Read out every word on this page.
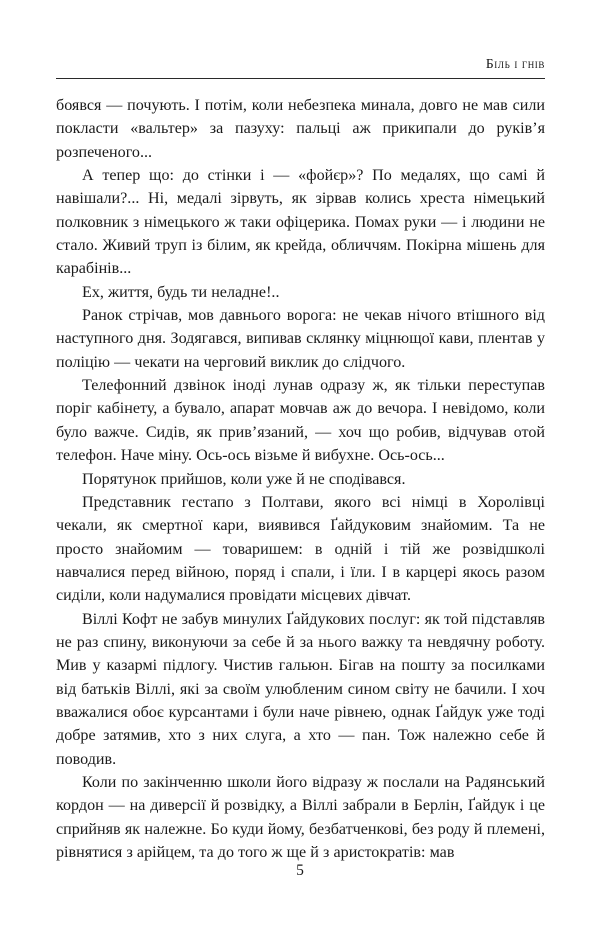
Біль і гнів

боявся — почують. І потім, коли небезпека минала, довго не мав сили покласти «вальтер» за пазуху: пальці аж прикипали до руків’я розпеченого...

А тепер що: до стінки і — «фойєр»? По медалях, що самі й навішали?... Ні, медалі зірвуть, як зірвав колись хреста німецький полковник з німецького ж таки офіцерика. Помах руки — і людини не стало. Живий труп із білим, як крейда, обличчям. Покірна мішень для карабінів...

Ех, життя, будь ти неладне!..

Ранок стрічав, мов давнього ворога: не чекав нічого втішного від наступного дня. Зодягався, випивав склянку міцнющої кави, плентав у поліцію — чекати на черговий виклик до слідчого.

Телефонний дзвінок іноді лунав одразу ж, як тільки переступав поріг кабінету, а бувало, апарат мовчав аж до вечора. І невідомо, коли було важче. Сидів, як прив’язаний, — хоч що робив, відчував отой телефон. Наче міну. Ось-ось візьме й вибухне. Ось-ось...

Порятунок прийшов, коли уже й не сподівався.

Представник гестапо з Полтави, якого всі німці в Хоролівці чекали, як смертної кари, виявився Ґайдуковим знайомим. Та не просто знайомим — товаришем: в одній і тій же розвідшколі навчалися перед війною, поряд і спали, і їли. І в карцері якось разом сиділи, коли надумалися провідати місцевих дівчат.

Віллі Кофт не забув минулих Ґайдукових послуг: як той підставляв не раз спину, виконуючи за себе й за нього важку та невдячну роботу. Мив у казармі підлогу. Чистив гальюн. Бігав на пошту за посилками від батьків Віллі, які за своїм улюбленим сином світу не бачили. І хоч вважалися обоє курсантами і були наче рівнею, однак Ґайдук уже тоді добре затямив, хто з них слуга, а хто — пан. Тож належно себе й поводив.

Коли по закінченню школи його відразу ж послали на Радянський кордон — на диверсії й розвідку, а Віллі забрали в Берлін, Ґайдук і це сприйняв як належне. Бо куди йому, безбатченкові, без роду й племені, рівнятися з арійцем, та до того ж ще й з аристократів: мав

5
